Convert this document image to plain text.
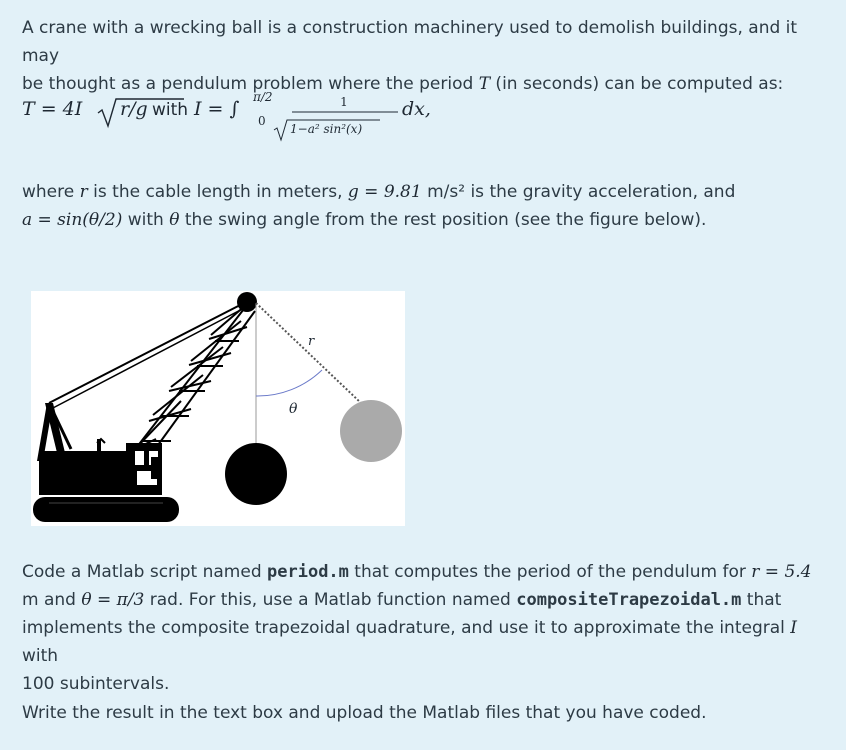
A crane with a wrecking ball is a construction machinery used to demolish buildings, and it may
be thought as a pendulum problem where the period T (in seconds) can be computed as:

T = 4I r/g with I = ∫
π/2
0
1
1−a² sin²(x)
dx,

where r is the cable length in meters, g = 9.81 m/s² is the gravity acceleration, and
a = sin(θ/2) with θ the swing angle from the rest position (see the figure below).

r
θ

Code a Matlab script named period.m that computes the period of the pendulum for r = 5.4
m and θ = π/3 rad. For this, use a Matlab function named compositeTrapezoidal.m that
implements the composite trapezoidal quadrature, and use it to approximate the integral I with
100 subintervals.

Write the result in the text box and upload the Matlab files that you have coded.
